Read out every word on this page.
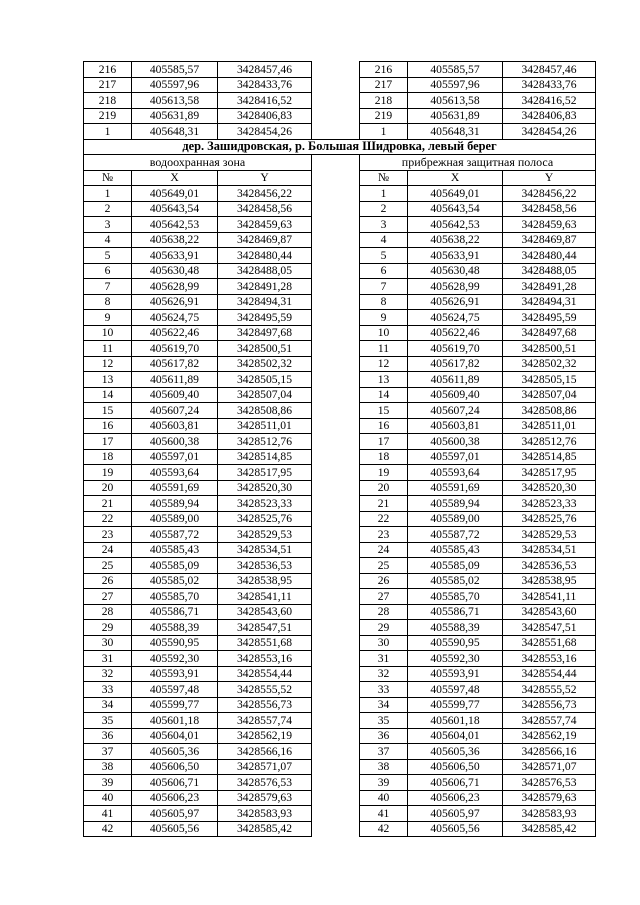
216	405585,57	3428457,46		216	405585,57	3428457,46
217	405597,96	3428433,76		217	405597,96	3428433,76
218	405613,58	3428416,52		218	405613,58	3428416,52
219	405631,89	3428406,83		219	405631,89	3428406,83
1	405648,31	3428454,26		1	405648,31	3428454,26
дер. Зашидровская, р. Большая Шидровка, левый берег						
водоохранная зона				прибрежная защитная полоса		
№	X	Y		№	X	Y
1	405649,01	3428456,22		1	405649,01	3428456,22
2	405643,54	3428458,56		2	405643,54	3428458,56
3	405642,53	3428459,63		3	405642,53	3428459,63
4	405638,22	3428469,87		4	405638,22	3428469,87
5	405633,91	3428480,44		5	405633,91	3428480,44
6	405630,48	3428488,05		6	405630,48	3428488,05
7	405628,99	3428491,28		7	405628,99	3428491,28
8	405626,91	3428494,31		8	405626,91	3428494,31
9	405624,75	3428495,59		9	405624,75	3428495,59
10	405622,46	3428497,68		10	405622,46	3428497,68
11	405619,70	3428500,51		11	405619,70	3428500,51
12	405617,82	3428502,32		12	405617,82	3428502,32
13	405611,89	3428505,15		13	405611,89	3428505,15
14	405609,40	3428507,04		14	405609,40	3428507,04
15	405607,24	3428508,86		15	405607,24	3428508,86
16	405603,81	3428511,01		16	405603,81	3428511,01
17	405600,38	3428512,76		17	405600,38	3428512,76
18	405597,01	3428514,85		18	405597,01	3428514,85
19	405593,64	3428517,95		19	405593,64	3428517,95
20	405591,69	3428520,30		20	405591,69	3428520,30
21	405589,94	3428523,33		21	405589,94	3428523,33
22	405589,00	3428525,76		22	405589,00	3428525,76
23	405587,72	3428529,53		23	405587,72	3428529,53
24	405585,43	3428534,51		24	405585,43	3428534,51
25	405585,09	3428536,53		25	405585,09	3428536,53
26	405585,02	3428538,95		26	405585,02	3428538,95
27	405585,70	3428541,11		27	405585,70	3428541,11
28	405586,71	3428543,60		28	405586,71	3428543,60
29	405588,39	3428547,51		29	405588,39	3428547,51
30	405590,95	3428551,68		30	405590,95	3428551,68
31	405592,30	3428553,16		31	405592,30	3428553,16
32	405593,91	3428554,44		32	405593,91	3428554,44
33	405597,48	3428555,52		33	405597,48	3428555,52
34	405599,77	3428556,73		34	405599,77	3428556,73
35	405601,18	3428557,74		35	405601,18	3428557,74
36	405604,01	3428562,19		36	405604,01	3428562,19
37	405605,36	3428566,16		37	405605,36	3428566,16
38	405606,50	3428571,07		38	405606,50	3428571,07
39	405606,71	3428576,53		39	405606,71	3428576,53
40	405606,23	3428579,63		40	405606,23	3428579,63
41	405605,97	3428583,93		41	405605,97	3428583,93
42	405605,56	3428585,42		42	405605,56	3428585,42
